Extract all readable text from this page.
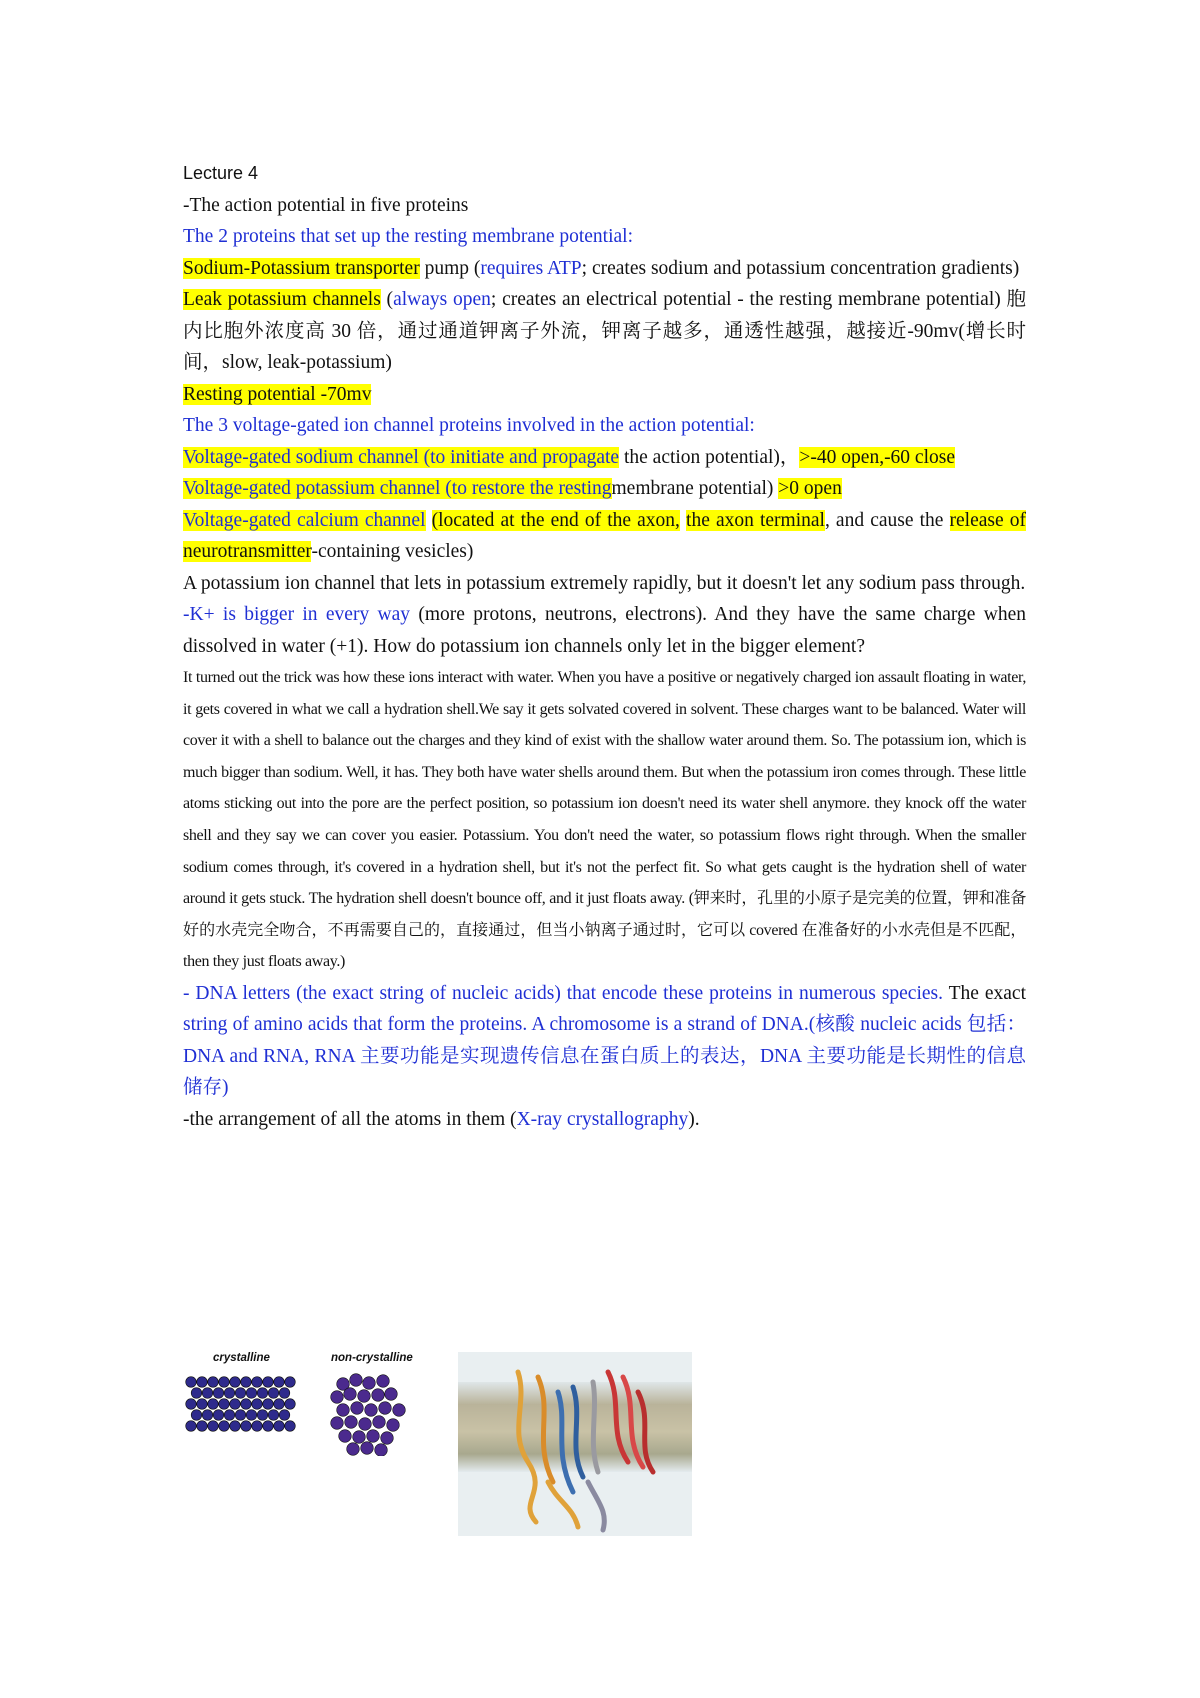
Lecture 4

-The action potential in five proteins

The 2 proteins that set up the resting membrane potential:

Sodium-Potassium transporter pump (requires ATP; creates sodium and potassium concentration gradients)

Leak potassium channels (always open; creates an electrical potential - the resting membrane potential) 胞内比胞外浓度高 30 倍，通过通道钾离子外流，钾离子越多，通透性越强，越接近-90mv(增长时间，slow, leak-potassium)

Resting potential -70mv

The 3 voltage-gated ion channel proteins involved in the action potential:

Voltage-gated sodium channel (to initiate and propagate the action potential)，>-40 open,-60 close

Voltage-gated potassium channel (to restore the restingmembrane potential) >0 open

Voltage-gated calcium channel (located at the end of the axon, the axon terminal, and cause the release of neurotransmitter-containing vesicles)

A potassium ion channel that lets in potassium extremely rapidly, but it doesn't let any sodium pass through.

-K+ is bigger in every way (more protons, neutrons, electrons). And they have the same charge when dissolved in water (+1). How do potassium ion channels only let in the bigger element?

It turned out the trick was how these ions interact with water. When you have a positive or negatively charged ion assault floating in water, it gets covered in what we call a hydration shell.We say it gets solvated covered in solvent. These charges want to be balanced. Water will cover it with a shell to balance out the charges and they kind of exist with the shallow water around them. So. The potassium ion, which is much bigger than sodium. Well, it has. They both have water shells around them. But when the potassium iron comes through. These little atoms sticking out into the pore are the perfect position, so potassium ion doesn't need its water shell anymore. they knock off the water shell and they say we can cover you easier. Potassium. You don't need the water, so potassium flows right through. When the smaller sodium comes through, it's covered in a hydration shell, but it's not the perfect fit. So what gets caught is the hydration shell of water around it gets stuck. The hydration shell doesn't bounce off, and it just floats away. (钾来时，孔里的小原子是完美的位置，钾和准备好的水壳完全吻合，不再需要自己的，直接通过，但当小钠离子通过时，它可以 covered 在准备好的小水壳但是不匹配，then they just floats away.)

- DNA letters (the exact string of nucleic acids) that encode these proteins in numerous species. The exact string of amino acids that form the proteins. A chromosome is a strand of DNA.(核酸 nucleic acids 包括：DNA and RNA, RNA 主要功能是实现遗传信息在蛋白质上的表达，DNA 主要功能是长期性的信息储存)

-the arrangement of all the atoms in them (X-ray crystallography).

crystalline	non-crystalline
